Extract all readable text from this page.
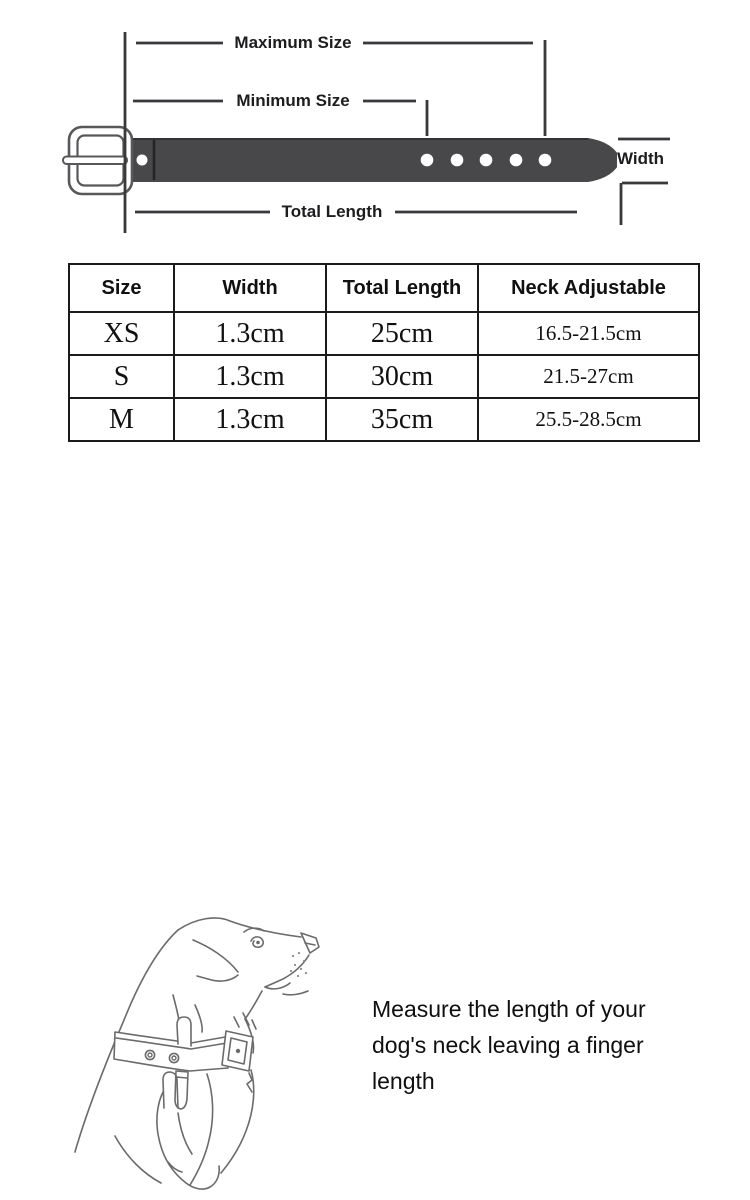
Maximum Size
Minimum Size
Width
Total Length
Size	Width	Total Length	Neck Adjustable
XS	1.3cm	25cm	16.5-21.5cm
S	1.3cm	30cm	21.5-27cm
M	1.3cm	35cm	25.5-28.5cm
Measure the length of your
dog's neck leaving a finger
length
